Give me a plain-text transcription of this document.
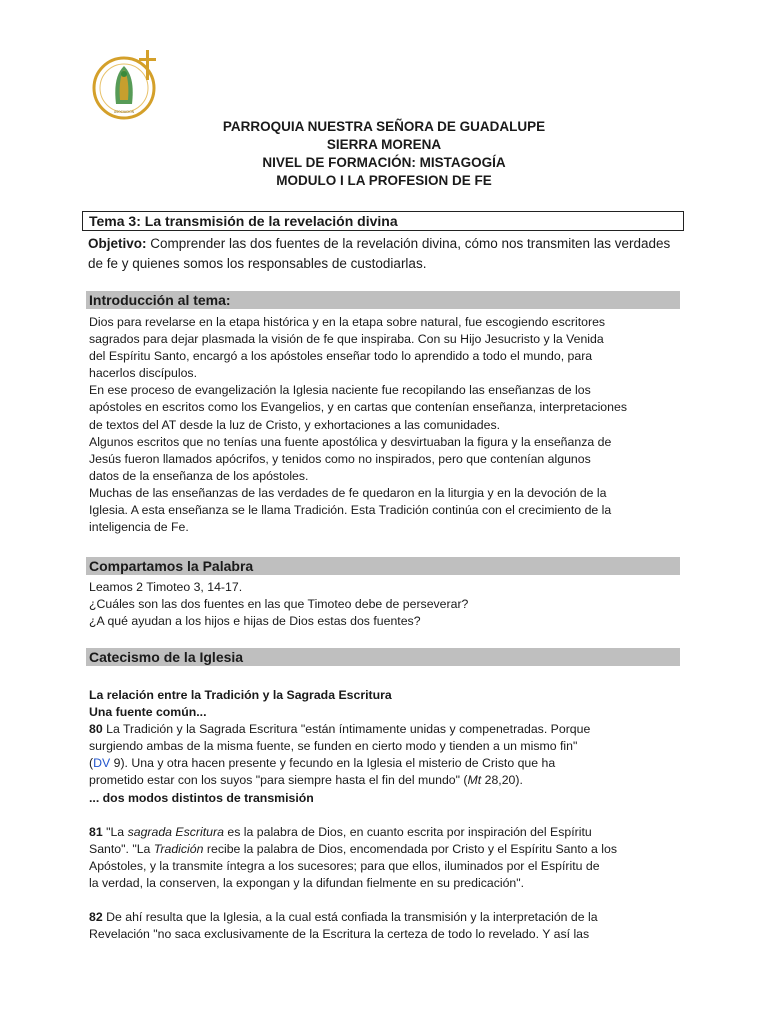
ASOCIACION
PARROQUIA NUESTRA SEÑORA DE GUADALUPE
SIERRA MORENA
NIVEL DE FORMACIÓN: MISTAGOGÍA
MODULO I LA PROFESION DE FE
Tema 3: La transmisión de la revelación divina
Objetivo: Comprender las dos fuentes de la revelación divina, cómo nos transmiten las verdades de fe y quienes somos los responsables de custodiarlas.
Introducción al tema:

Dios para revelarse en la etapa histórica y en la etapa sobre natural, fue escogiendo escritores

sagrados para dejar plasmada la visión de fe que inspiraba. Con su Hijo Jesucristo y la Venida

del Espíritu Santo, encargó a los apóstoles enseñar todo lo aprendido a todo el mundo, para

hacerlos discípulos.

En ese proceso de evangelización la Iglesia naciente fue recopilando las enseñanzas de los

apóstoles en escritos como los Evangelios, y en cartas que contenían enseñanza, interpretaciones

de textos del AT desde la luz de Cristo, y exhortaciones a las comunidades.

Algunos escritos que no tenías una fuente apostólica y desvirtuaban la figura y la enseñanza de

Jesús fueron llamados apócrifos, y tenidos como no inspirados, pero que contenían algunos

datos de la enseñanza de los apóstoles.

Muchas de las enseñanzas de las verdades de fe quedaron en la liturgia y en la devoción de la

Iglesia. A esta enseñanza se le llama Tradición. Esta Tradición continúa con el crecimiento de la

inteligencia de Fe.

Compartamos la Palabra

Leamos 2 Timoteo 3, 14-17.

¿Cuáles son las dos fuentes en las que Timoteo debe de perseverar?

¿A qué ayudan a los hijos e hijas de Dios estas dos fuentes?

Catecismo de la Iglesia

La relación entre la Tradición y la Sagrada Escritura

Una fuente común...

80 La Tradición y la Sagrada Escritura "están íntimamente unidas y compenetradas. Porque

surgiendo ambas de la misma fuente, se funden en cierto modo y tienden a un mismo fin"

(DV 9). Una y otra hacen presente y fecundo en la Iglesia el misterio de Cristo que ha

prometido estar con los suyos "para siempre hasta el fin del mundo" (Mt 28,20).

... dos modos distintos de transmisión

81 "La sagrada Escritura es la palabra de Dios, en cuanto escrita por inspiración del Espíritu

Santo". "La Tradición recibe la palabra de Dios, encomendada por Cristo y el Espíritu Santo a los

Apóstoles, y la transmite íntegra a los sucesores; para que ellos, iluminados por el Espíritu de

la verdad, la conserven, la expongan y la difundan fielmente en su predicación".

82 De ahí resulta que la Iglesia, a la cual está confiada la transmisión y la interpretación de la

Revelación "no saca exclusivamente de la Escritura la certeza de todo lo revelado. Y así las
